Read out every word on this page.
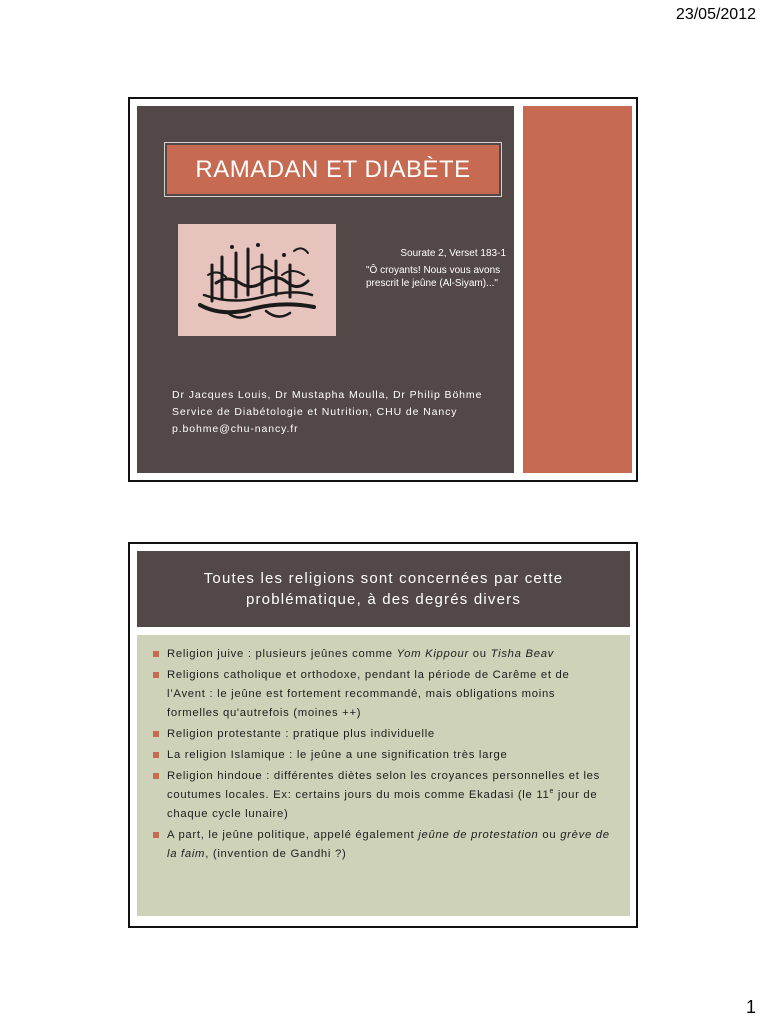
23/05/2012
RAMADAN ET DIABÈTE
Sourate 2, Verset 183-1
"Ô croyants! Nous vous avons prescrit le jeûne (Al-Siyam)..."
Dr Jacques Louis, Dr Mustapha Moulla, Dr Philip Böhme
Service de Diabétologie et Nutrition, CHU de Nancy
p.bohme@chu-nancy.fr
Toutes les religions sont concernées par cette problématique, à des degrés divers
Religion juive : plusieurs jeûnes comme Yom Kippour ou Tisha Beav
Religions catholique et orthodoxe, pendant la période de Carême et de l’Avent : le jeûne est fortement recommandé, mais obligations moins formelles qu'autrefois (moines ++)
Religion protestante : pratique plus individuelle
La religion Islamique : le jeûne a une signification très large
Religion hindoue : différentes diètes selon les croyances personnelles et les coutumes locales. Ex: certains jours du mois comme Ekadasi (le 11e jour de chaque cycle lunaire)
A part, le jeûne politique, appelé également jeûne de protestation ou grève de la faim, (invention de Gandhi ?)
1
